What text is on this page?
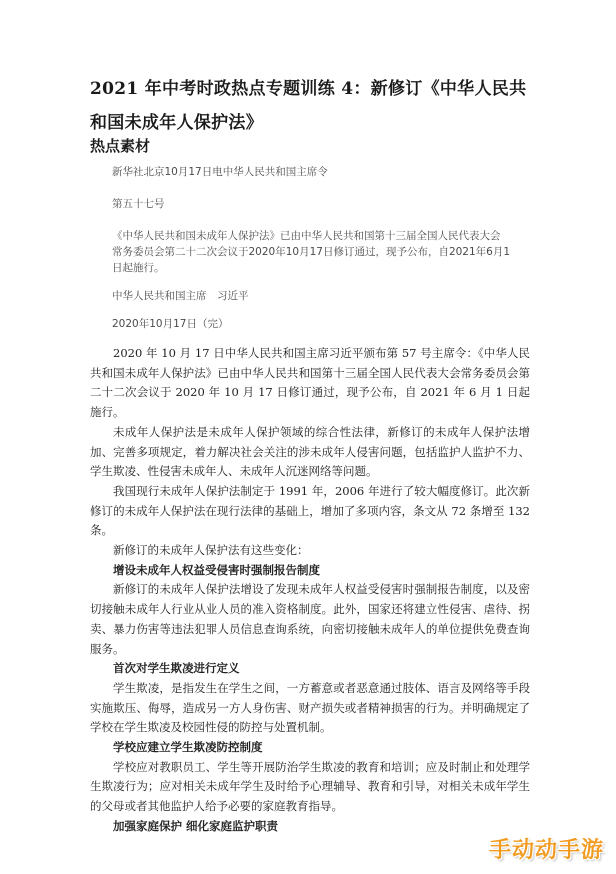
2021 年中考时政热点专题训练 4：新修订《中华人民共和国未成年人保护法》
热点素材
新华社北京10月17日电中华人民共和国主席令
第五十七号
《中华人民共和国未成年人保护法》已由中华人民共和国第十三届全国人民代表大会
常务委员会第二十二次会议于2020年10月17日修订通过，现予公布，自2021年6月1
日起施行。
中华人民共和国主席　习近平
2020年10月17日（完）

2020 年 10 月 17 日中华人民共和国主席习近平颁布第 57 号主席令：《中华人民共和国未成年人保护法》已由中华人民共和国第十三届全国人民代表大会常务委员会第二十二次会议于 2020 年 10 月 17 日修订通过，现予公布，自 2021 年 6 月 1 日起施行。

未成年人保护法是未成年人保护领域的综合性法律，新修订的未成年人保护法增加、完善多项规定，着力解决社会关注的涉未成年人侵害问题，包括监护人监护不力、学生欺凌、性侵害未成年人、未成年人沉迷网络等问题。

我国现行未成年人保护法制定于 1991 年，2006 年进行了较大幅度修订。此次新修订的未成年人保护法在现行法律的基础上，增加了多项内容，条文从 72 条增至 132 条。

新修订的未成年人保护法有这些变化：

增设未成年人权益受侵害时强制报告制度

新修订的未成年人保护法增设了发现未成年人权益受侵害时强制报告制度，以及密切接触未成年人行业从业人员的准入资格制度。此外，国家还将建立性侵害、虐待、拐卖、暴力伤害等违法犯罪人员信息查询系统，向密切接触未成年人的单位提供免费查询服务。

首次对学生欺凌进行定义

学生欺凌，是指发生在学生之间，一方蓄意或者恶意通过肢体、语言及网络等手段实施欺压、侮辱，造成另一方人身伤害、财产损失或者精神损害的行为。并明确规定了学校在学生欺凌及校园性侵的防控与处置机制。

学校应建立学生欺凌防控制度

学校应对教职员工、学生等开展防治学生欺凌的教育和培训；应及时制止和处理学生欺凌行为；应对相关未成年学生及时给予心理辅导、教育和引导，对相关未成年学生的父母或者其他监护人给予必要的家庭教育指导。

加强家庭保护 细化家庭监护职责
手动动手游
